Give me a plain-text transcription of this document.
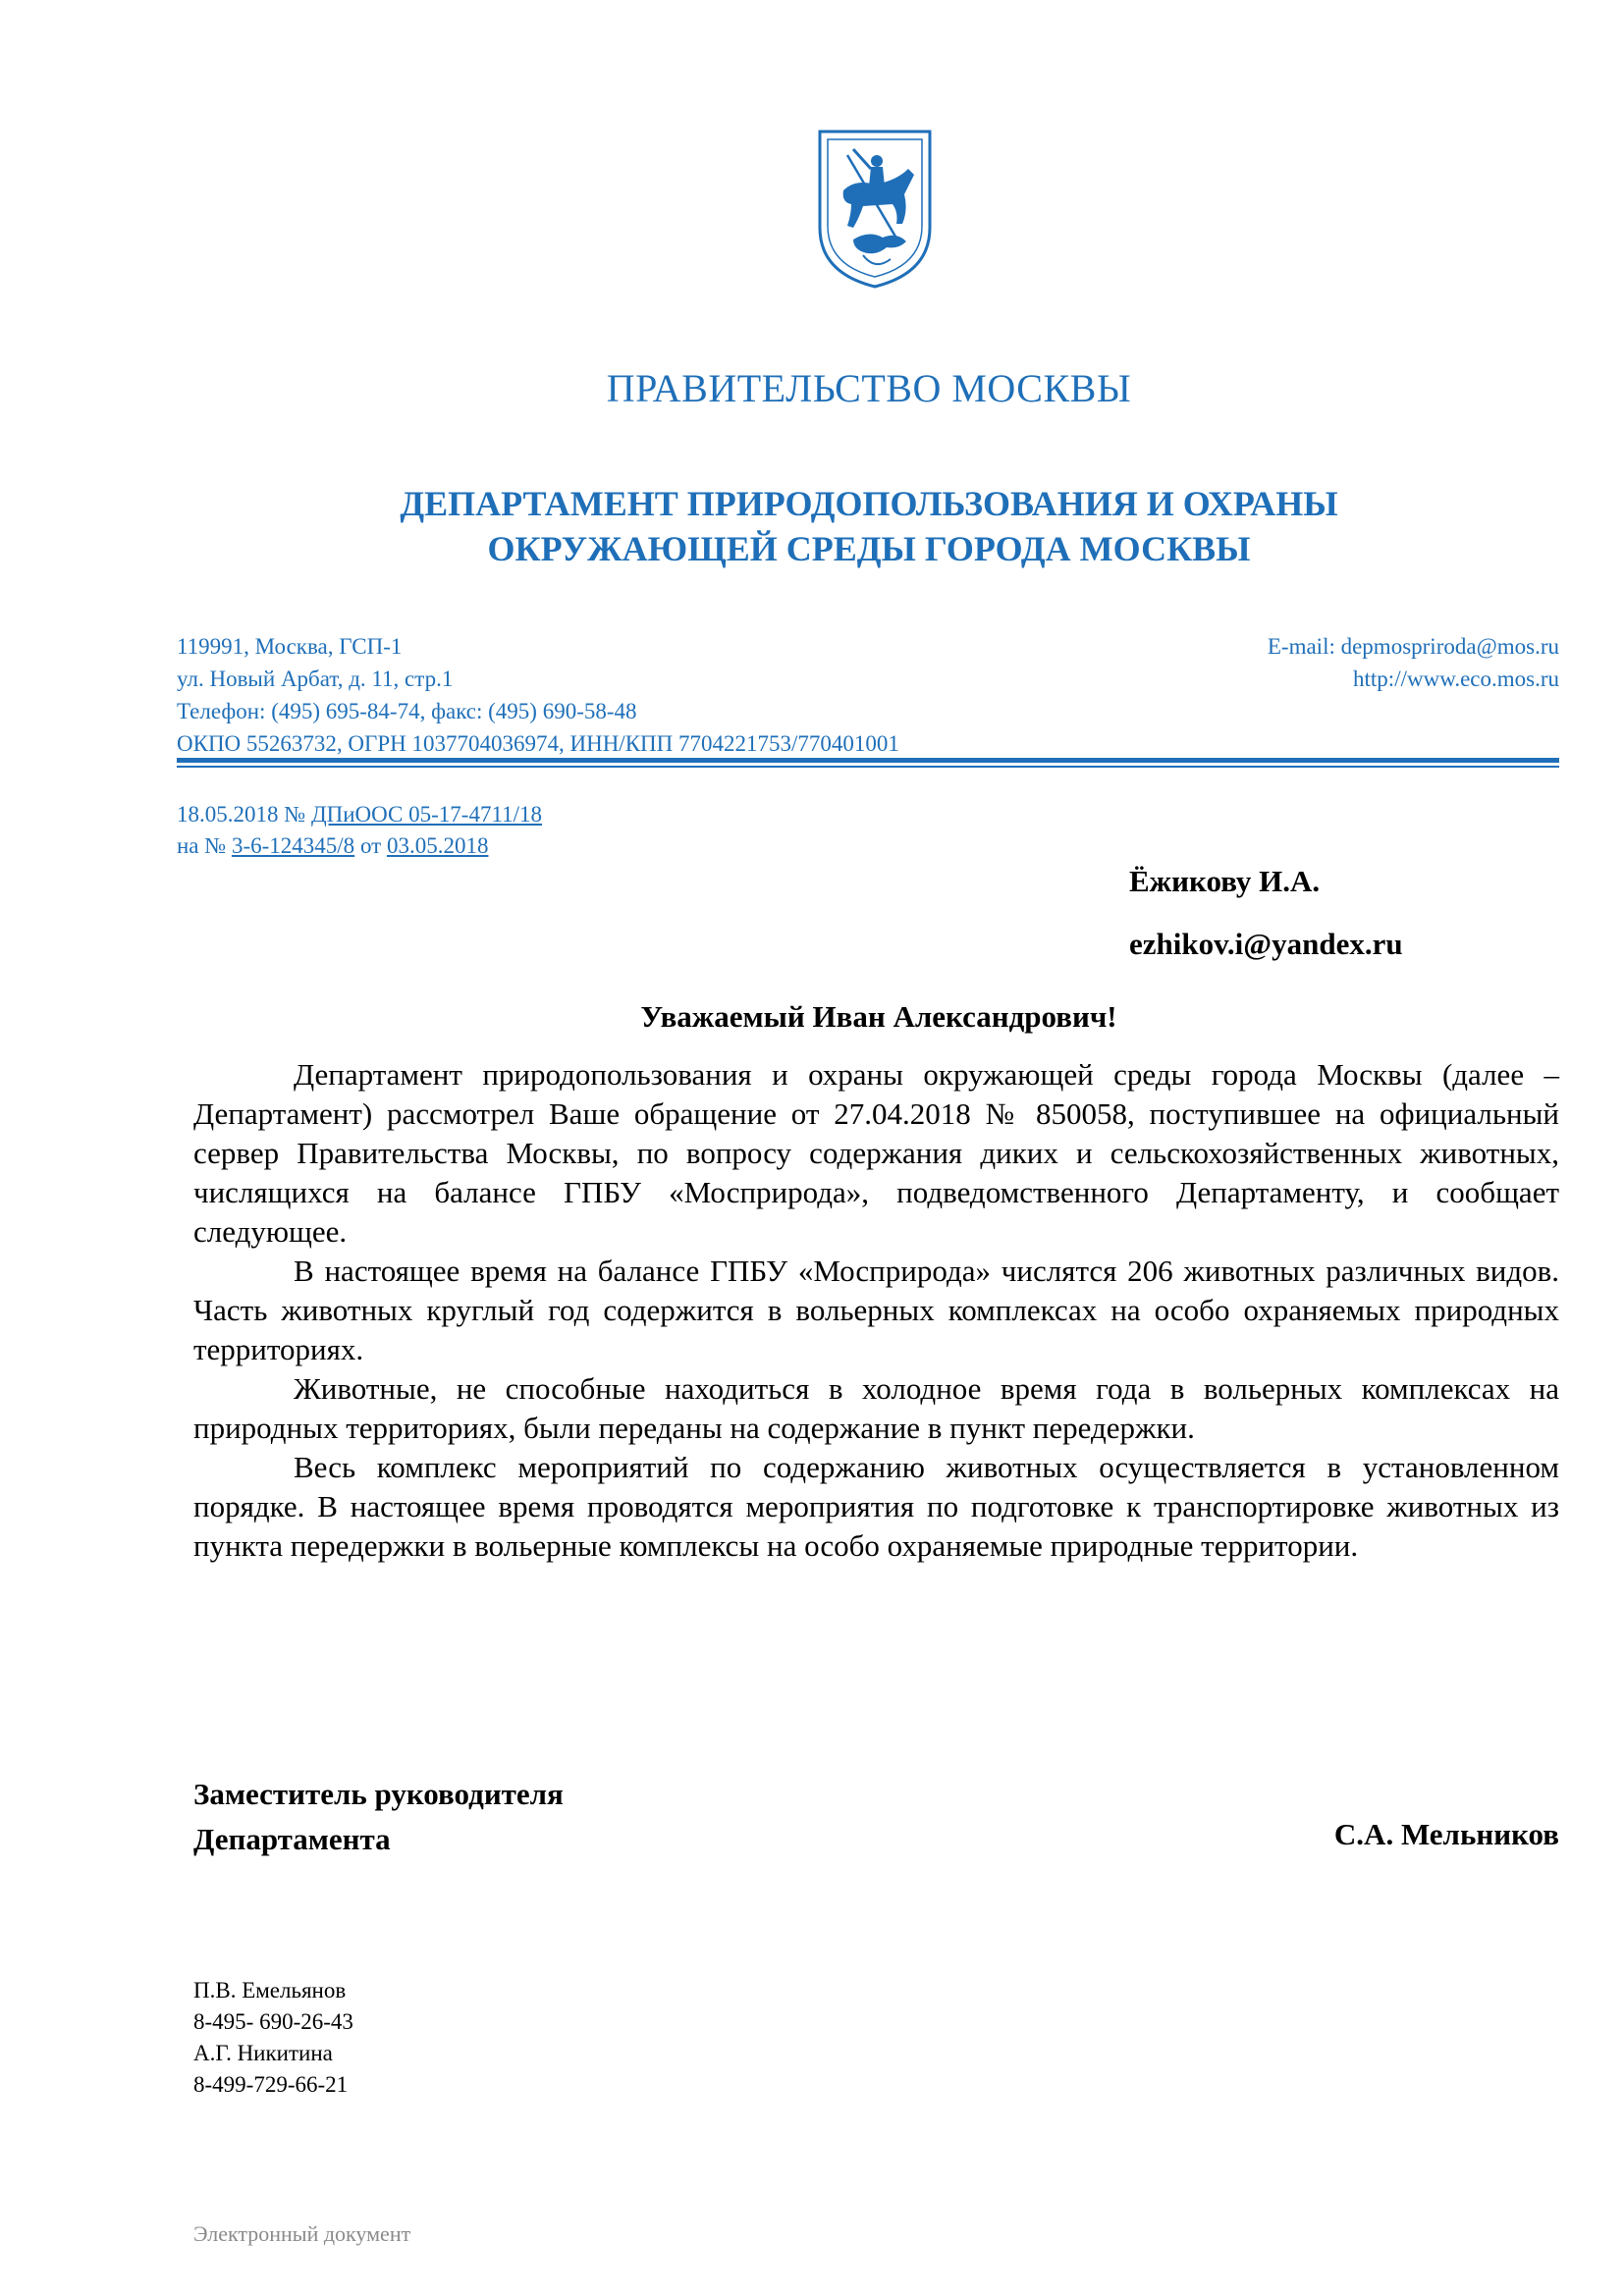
ПРАВИТЕЛЬСТВО МОСКВЫ
ДЕПАРТАМЕНТ ПРИРОДОПОЛЬЗОВАНИЯ И ОХРАНЫ
ОКРУЖАЮЩЕЙ СРЕДЫ ГОРОДА МОСКВЫ
119991, Москва, ГСП-1
ул. Новый Арбат, д. 11, стр.1
Телефон: (495) 695-84-74, факс: (495) 690-58-48
ОКПО 55263732, ОГРН 1037704036974, ИНН/КПП 7704221753/770401001
E-mail: depmospriroda@mos.ru
http://www.eco.mos.ru
18.05.2018 № ДПиООС 05-17-4711/18
на № 3-6-124345/8 от 03.05.2018
Ёжикову И.А.
ezhikov.i@yandex.ru
Уважаемый Иван Александрович!

Департамент природопользования и охраны окружающей среды города Москвы (далее – Департамент) рассмотрел Ваше обращение от 27.04.2018 № 850058, поступившее на официальный сервер Правительства Москвы, по вопросу содержания диких и сельскохозяйственных животных, числящихся на балансе ГПБУ «Мосприрода», подведомственного Департаменту, и сообщает следующее.

В настоящее время на балансе ГПБУ «Мосприрода» числятся 206 животных различных видов. Часть животных круглый год содержится в вольерных комплексах на особо охраняемых природных территориях.

Животные, не способные находиться в холодное время года в вольерных комплексах на природных территориях, были переданы на содержание в пункт передержки.

Весь комплекс мероприятий по содержанию животных осуществляется в установленном порядке. В настоящее время проводятся мероприятия по подготовке к транспортировке животных из пункта передержки в вольерные комплексы на особо охраняемые природные территории.

Заместитель руководителя
Департамента	С.А. Мельников
П.В. Емельянов
8-495- 690-26-43
А.Г. Никитина
8-499-729-66-21
Электронный документ
